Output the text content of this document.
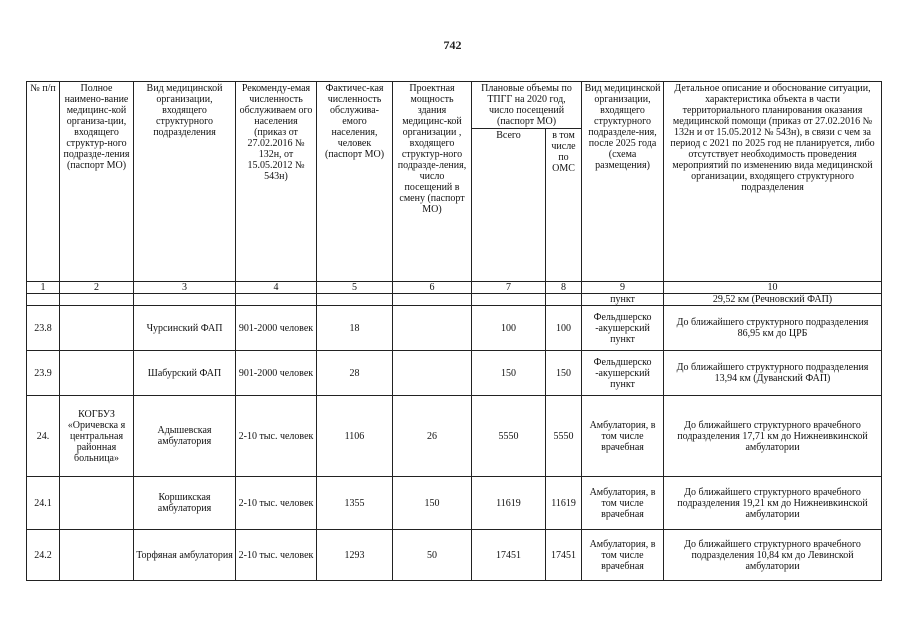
742
№ п/п	Полное наимено-вание медицинс-кой организа-ции, входящего структур-ного подразде-ления (паспорт МО)	Вид медицинской организации, входящего структурного подразделения	Рекоменду-емая численность обслуживаем ого населения (приказ от 27.02.2016 № 132н, от 15.05.2012 № 543н)	Фактичес-кая численность обслужива-емого населения, человек (паспорт МО)	Проектная мощность здания медицинс-кой организации , входящего структур-ного подразде-ления, число посещений в смену (паспорт МО)	Плановые объемы по ТПГГ на 2020 год, число посещений (паспорт МО)		Вид медицинской организации, входящего структурного подразделе-ния, после 2025 года (схема размещения)	Детальное описание и обоснование ситуации, характеристика объекта в части территориального планирования оказания медицинской помощи (приказ от 27.02.2016 № 132н и от 15.05.2012 № 543н), в связи с чем за период с 2021 по 2025 год не планируется, либо отсутствует необходимость проведения мероприятий по изменению вида медицинской организации, входящего структурного подразделения
						Всего	в том числе по ОМС		
1	2	3	4	5	6	7	8	9	10
								пункт	29,52 км (Речновский ФАП)
23.8		Чурсинский ФАП	901-2000 человек	18		100	100	Фельдшерско -акушерский пункт	До ближайшего структурного подразделения 86,95 км до ЦРБ
23.9		Шабурский ФАП	901-2000 человек	28		150	150	Фельдшерско -акушерский пункт	До ближайшего структурного подразделения 13,94 км (Дуванский ФАП)
24.	КОГБУЗ «Оричевска я центральная районная больница»	Адышевская амбулатория	2-10 тыс. человек	1106	26	5550	5550	Амбулатория, в том числе врачебная	До ближайшего структурного врачебного подразделения 17,71 км до Нижнеивкинской амбулатории
24.1		Коршикская амбулатория	2-10 тыс. человек	1355	150	11619	11619	Амбулатория, в том числе врачебная	До ближайшего структурного врачебного подразделения 19,21 км до Нижнеивкинской амбулатории
24.2		Торфяная амбулатория	2-10 тыс. человек	1293	50	17451	17451	Амбулатория, в том числе врачебная	До ближайшего структурного врачебного подразделения 10,84 км до Левинской амбулатории
